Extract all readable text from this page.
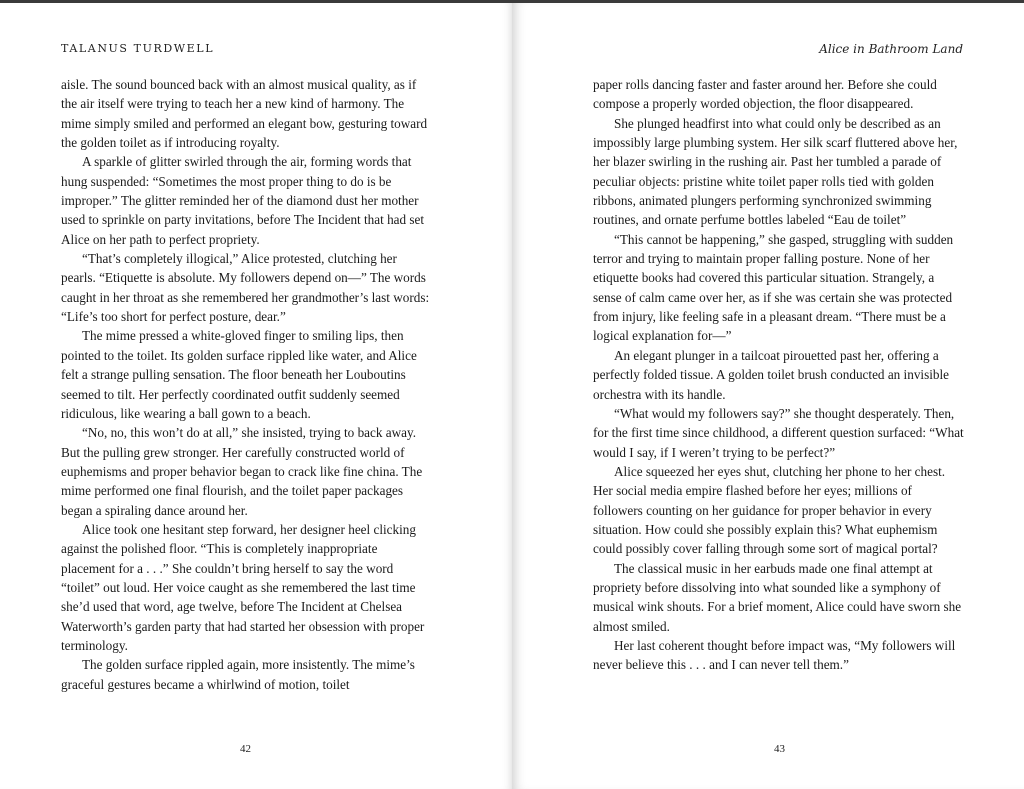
TALANUS TURDWELL

aisle. The sound bounced back with an almost musical quality, as if the air itself were trying to teach her a new kind of harmony. The mime simply smiled and performed an elegant bow, gesturing toward the golden toilet as if introducing royalty.

A sparkle of glitter swirled through the air, forming words that hung suspended: “Sometimes the most proper thing to do is be improper.” The glitter reminded her of the diamond dust her mother used to sprinkle on party invitations, before The Incident that had set Alice on her path to perfect propriety.

“That’s completely illogical,” Alice protested, clutching her pearls. “Etiquette is absolute. My followers depend on—” The words caught in her throat as she remembered her grandmother’s last words: “Life’s too short for perfect posture, dear.”

The mime pressed a white-gloved finger to smiling lips, then pointed to the toilet. Its golden surface rippled like water, and Alice felt a strange pulling sensation. The floor beneath her Louboutins seemed to tilt. Her perfectly coordinated outfit suddenly seemed ridiculous, like wearing a ball gown to a beach.

“No, no, this won’t do at all,” she insisted, trying to back away. But the pulling grew stronger. Her carefully constructed world of euphemisms and proper behavior began to crack like fine china. The mime performed one final flourish, and the toilet paper packages began a spiraling dance around her.

Alice took one hesitant step forward, her designer heel clicking against the polished floor. “This is completely inappropriate placement for a . . .” She couldn’t bring herself to say the word “toilet” out loud. Her voice caught as she remembered the last time she’d used that word, age twelve, before The Incident at Chelsea Waterworth’s garden party that had started her obsession with proper terminology.

The golden surface rippled again, more insistently. The mime’s graceful gestures became a whirlwind of motion, toilet

42
Alice in Bathroom Land

paper rolls dancing faster and faster around her. Before she could compose a properly worded objection, the floor disappeared.

She plunged headfirst into what could only be described as an impossibly large plumbing system. Her silk scarf fluttered above her, her blazer swirling in the rushing air. Past her tumbled a parade of peculiar objects: pristine white toilet paper rolls tied with golden ribbons, animated plungers performing synchronized swimming routines, and ornate perfume bottles labeled “Eau de toilet”

“This cannot be happening,” she gasped, struggling with sudden terror and trying to maintain proper falling posture. None of her etiquette books had covered this particular situation. Strangely, a sense of calm came over her, as if she was certain she was protected from injury, like feeling safe in a pleasant dream. “There must be a logical explanation for—”

An elegant plunger in a tailcoat pirouetted past her, offering a perfectly folded tissue. A golden toilet brush conducted an invisible orchestra with its handle.

“What would my followers say?” she thought desperately. Then, for the first time since childhood, a different question surfaced: “What would I say, if I weren’t trying to be perfect?”

Alice squeezed her eyes shut, clutching her phone to her chest. Her social media empire flashed before her eyes; millions of followers counting on her guidance for proper behavior in every situation. How could she possibly explain this? What euphemism could possibly cover falling through some sort of magical portal?

The classical music in her earbuds made one final attempt at propriety before dissolving into what sounded like a symphony of musical wink shouts. For a brief moment, Alice could have sworn she almost smiled.

Her last coherent thought before impact was, “My followers will never believe this . . . and I can never tell them.”

43
